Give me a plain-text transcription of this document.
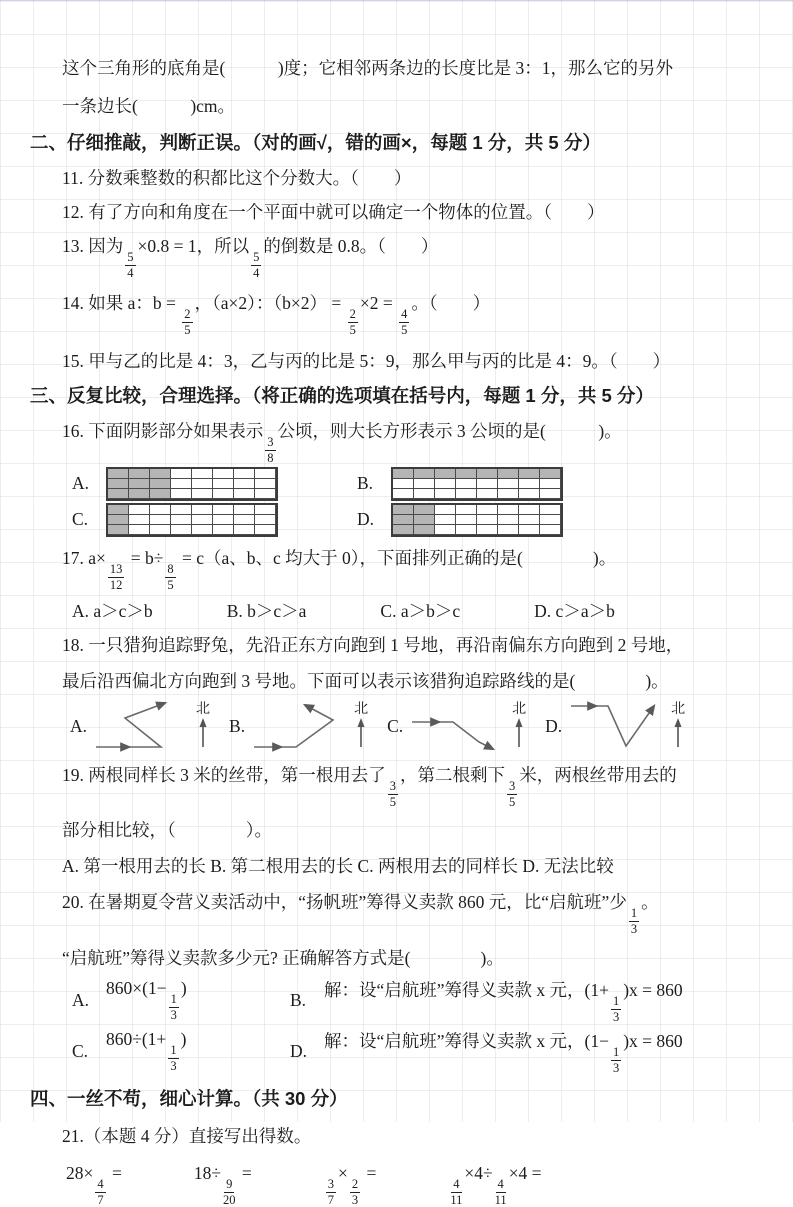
这个三角形的底角是(　　　)度；它相邻两条边的长度比是 3：1，那么它的另外
一条边长(　　　)cm。
二、仔细推敲，判断正误。（对的画√，错的画×，每题 1 分，共 5 分）
11. 分数乘整数的积都比这个分数大。（　　）
12. 有了方向和角度在一个平面中就可以确定一个物体的位置。（　　）
13. 因为
$\frac{5}{4}$
×0.8 = 1，所以
$\frac{5}{4}$
的倒数是 0.8。（　　）
14. 如果 a：b =
$\frac{2}{5}$
，（a×2）：（b×2） =
$\frac{2}{5}$
×2 =
$\frac{4}{5}$
。（　　）
15. 甲与乙的比是 4：3，乙与丙的比是 5：9，那么甲与丙的比是 4：9。（　　）
三、反复比较，合理选择。（将正确的选项填在括号内，每题 1 分，共 5 分）
16. 下面阴影部分如果表示
$\frac{3}{8}$
公顷，则大长方形表示 3 公顷的是(　　　)。
A.	B.
C.	D.
17. a×
$\frac{13}{12}$
= b÷
$\frac{8}{5}$
= c（a、b、c 均大于 0），下面排列正确的是(　　　　)。
A. a＞c＞b	B. b＞c＞a	C. a＞b＞c	D. c＞a＞b
18. 一只猎狗追踪野兔，先沿正东方向跑到 1 号地，再沿南偏东方向跑到 2 号地，
最后沿西偏北方向跑到 3 号地。下面可以表示该猎狗追踪路线的是(　　　　)。
A.
北
B.
北
C.
北
D.
北
19. 两根同样长 3 米的丝带，第一根用去了
$\frac{3}{5}$
，第二根剩下
$\frac{3}{5}$
米，两根丝带用去的
部分相比较，（　　　　）。
A. 第一根用去的长 B. 第二根用去的长 C. 两根用去的同样长 D. 无法比较
20. 在暑期夏令营义卖活动中，“扬帆班”筹得义卖款 860 元，比“启航班”少
$\frac{1}{3}$
。
“启航班”筹得义卖款多少元? 正确解答方式是(　　　　)。
A.
860×(1−
$\frac{1}{3}$
)
B.
解：设“启航班”筹得义卖款 x 元，(1+
$\frac{1}{3}$
)x = 860
C.
860÷(1+
$\frac{1}{3}$
)
D.
解：设“启航班”筹得义卖款 x 元，(1−
$\frac{1}{3}$
)x = 860
四、一丝不苟，细心计算。（共 30 分）
21.（本题 4 分）直接写出得数。
28×
$\frac{4}{7}$
=	18÷
$\frac{9}{20}$
=
$\frac{3}{7}$
×
$\frac{2}{3}$
=
$\frac{4}{11}$
×4÷
$\frac{4}{11}$
×4 =
